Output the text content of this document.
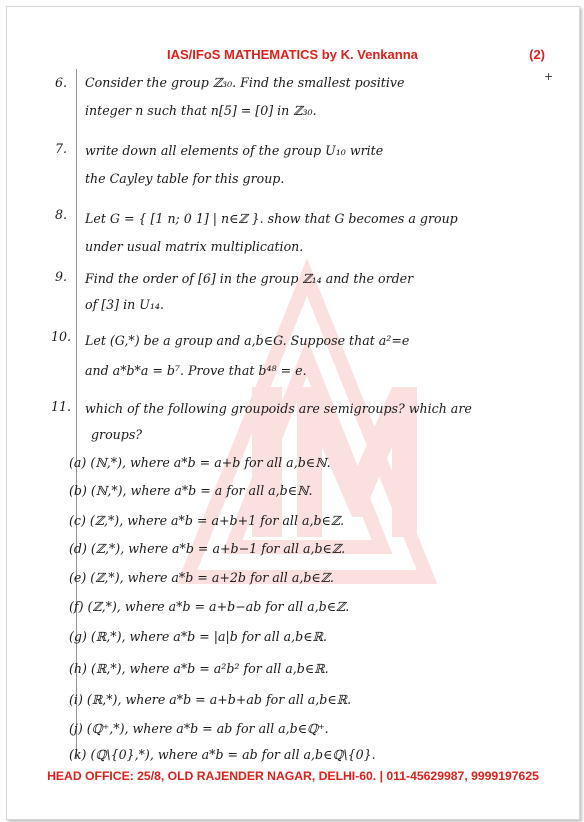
IAS/IFoS MATHEMATICS by K. Venkanna	(2)
+
6. Consider the group ℤ₃₀. Find the smallest positive
integer n such that n[5] = [0] in ℤ₃₀.
7. write down all elements of the group U₁₀ write
the Cayley table for this group.
8. Let G = { [1 n; 0 1] | n∈ℤ }. show that G becomes a group
under usual matrix multiplication.
9. Find the order of [6] in the group ℤ₁₄ and the order
of [3] in U₁₄.
10. Let (G,*) be a group and a,b∈G. Suppose that a²=e
and a*b*a = b⁷. Prove that b⁴⁸ = e.
11. which of the following groupoids are semigroups? which are
groups?
(a) (ℕ,*), where a*b = a+b for all a,b∈ℕ.
(b) (ℕ,*), where a*b = a for all a,b∈ℕ.
(c) (ℤ,*), where a*b = a+b+1 for all a,b∈ℤ.
(d) (ℤ,*), where a*b = a+b−1 for all a,b∈ℤ.
(e) (ℤ,*), where a*b = a+2b for all a,b∈ℤ.
(f) (ℤ,*), where a*b = a+b−ab for all a,b∈ℤ.
(g) (ℝ,*), where a*b = |a|b for all a,b∈ℝ.
(h) (ℝ,*), where a*b = a²b² for all a,b∈ℝ.
(i) (ℝ,*), where a*b = a+b+ab for all a,b∈ℝ.
(j) (ℚ⁺,*), where a*b = ab for all a,b∈ℚ⁺.
(k) (ℚ\{0},*), where a*b = ab for all a,b∈ℚ\{0}.
HEAD OFFICE: 25/8, OLD RAJENDER NAGAR, DELHI-60. | 011-45629987, 9999197625
